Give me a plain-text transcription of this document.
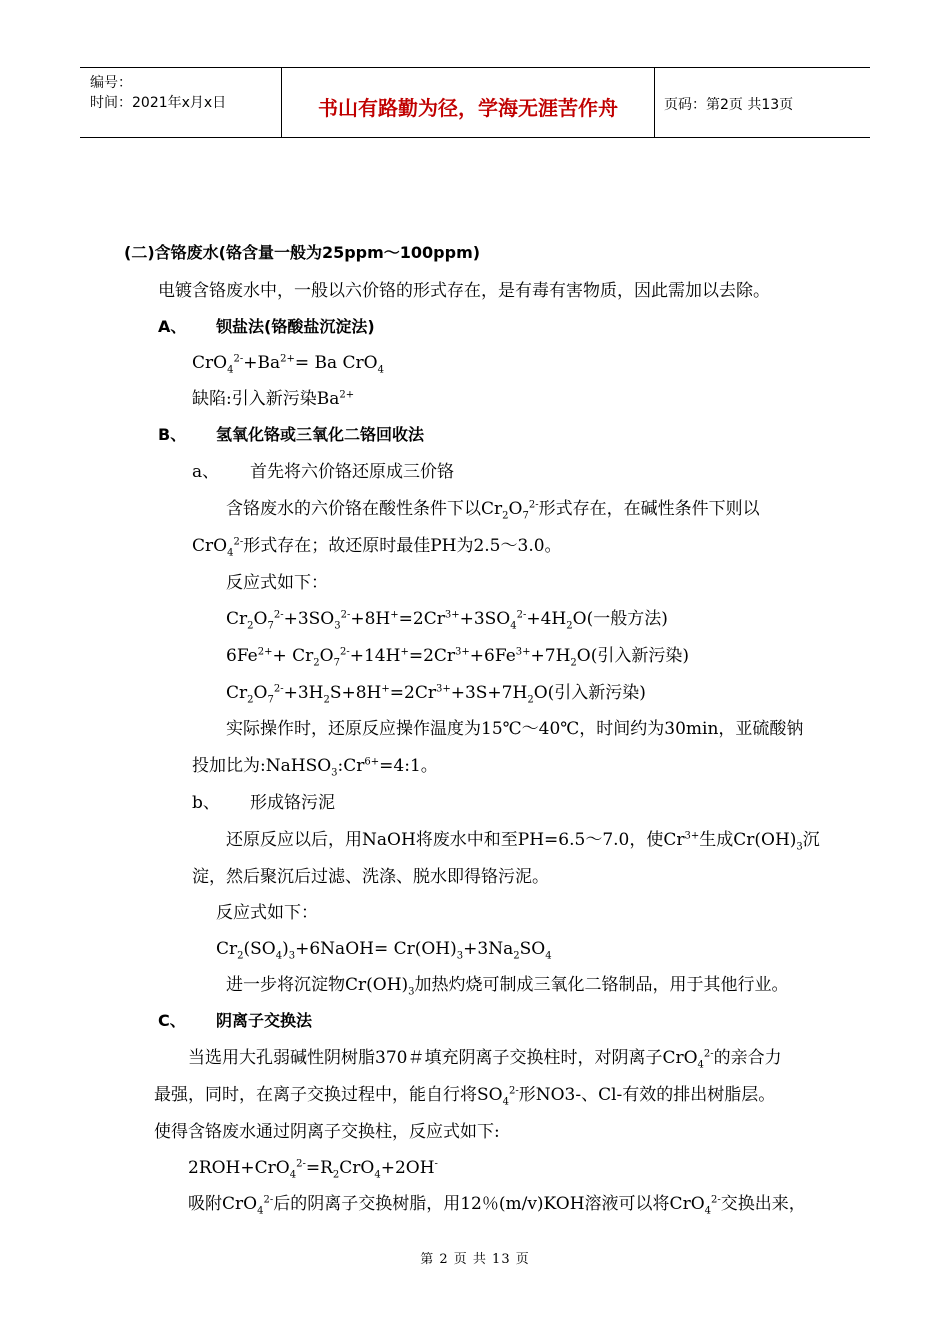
编号：
时间：2021年x月x日	书山有路勤为径，学海无涯苦作舟	页码：第2页 共13页
(二)含铬废水(铬含量一般为25ppm～100ppm)
电镀含铬废水中，一般以六价铬的形式存在，是有毒有害物质，因此需加以去除。
A、 钡盐法(铬酸盐沉淀法)
$CrO_4^{2-}+Ba^{2+}= Ba$ CrO$_4$
缺陷:引入新污染$Ba^{2+}$
B、 氢氧化铬或三氧化二铬回收法
a、 首先将六价铬还原成三价铬
含铬废水的六价铬在酸性条件下以$Cr_2O_7^{2-}$形式存在，在碱性条件下则以
CrO$_4^{2-}$形式存在；故还原时最佳PH为2.5～3.0。
反应式如下：
$Cr_2O_7^{2-}+3SO_3^{2-}+8H^+=2Cr^{3+}+3SO_4^{2-}+4H_2O$(一般方法)
$6Fe^{2+}+ Cr_2O_7^{2-}+14H^+=2Cr^{3+}+6Fe^{3+}+7H_2O$(引入新污染)
$Cr_2O_7^{2-}+3H_2S+8H^+=2Cr^{3+}+3S+7H_2O$(引入新污染)
实际操作时，还原反应操作温度为15℃～40℃，时间约为30min，亚硫酸钠
投加比为$:NaHSO_3:Cr^{6+}=4:1$。
b、 形成铬污泥
还原反应以后，用NaOH将废水中和至PH=6.5～7.0，使$Cr^{3+}$生成$Cr(OH)_3$沉
淀，然后聚沉后过滤、洗涤、脱水即得铬污泥。
反应式如下：
$Cr_2(SO_4)_3+6NaOH= Cr(OH)_3+3Na_2SO_4$
进一步将沉淀物$Cr(OH)_3$加热灼烧可制成三氧化二铬制品，用于其他行业。
C、 阴离子交换法
当选用大孔弱碱性阴树脂370＃填充阴离子交换柱时，对阴离子CrO$_4^{2-}$的亲合力
最强，同时，在离子交换过程中，能自行将$SO_4^{2-}$形NO3-、Cl-有效的排出树脂层。
使得含铬废水通过阴离子交换柱，反应式如下:
$2ROH+CrO_4^{2-}=R_2CrO_4+2OH^-$
吸附CrO$_4^{2-}$后的阴离子交换树脂，用12％(m/v)KOH溶液可以将CrO$_4^{2-}$交换出来，
第 2 页 共 13 页
